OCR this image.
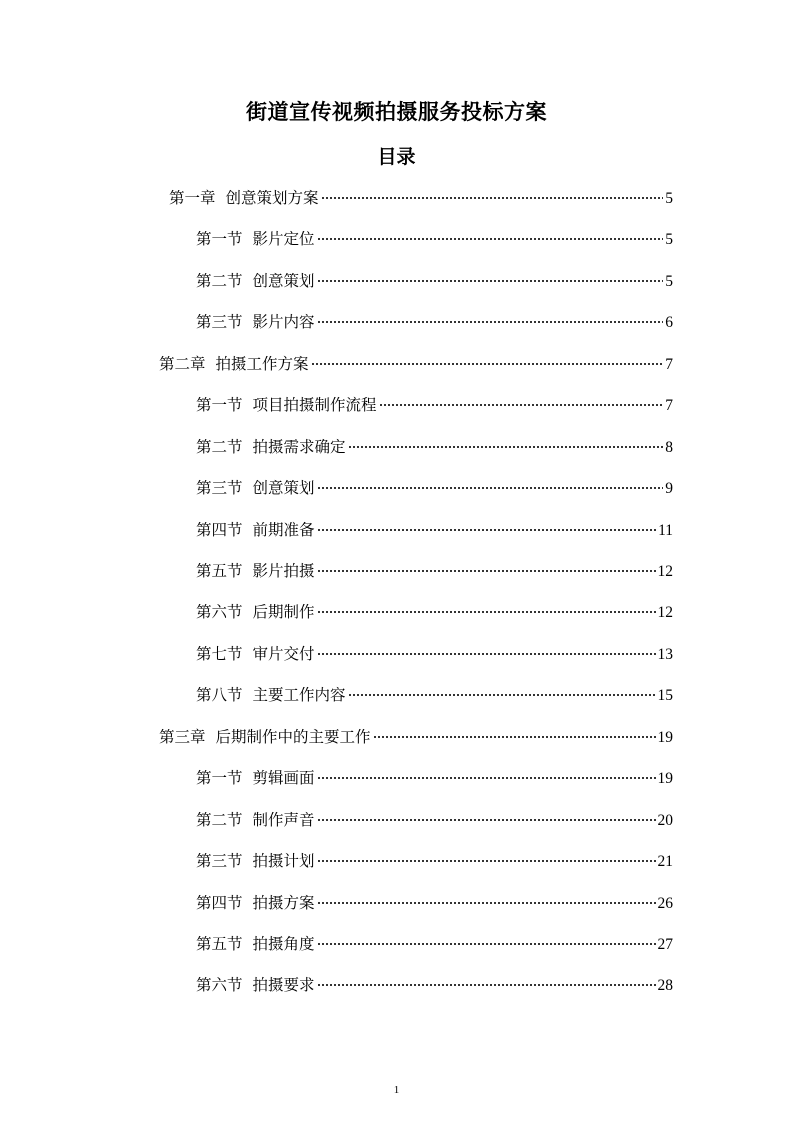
街道宣传视频拍摄服务投标方案
目录
第一章 创意策划方案	5
第一节 影片定位	5
第二节 创意策划	5
第三节 影片内容	6
第二章 拍摄工作方案	7
第一节 项目拍摄制作流程	7
第二节 拍摄需求确定	8
第三节 创意策划	9
第四节 前期准备	11
第五节 影片拍摄	12
第六节 后期制作	12
第七节 审片交付	13
第八节 主要工作内容	15
第三章 后期制作中的主要工作	19
第一节 剪辑画面	19
第二节 制作声音	20
第三节 拍摄计划	21
第四节 拍摄方案	26
第五节 拍摄角度	27
第六节 拍摄要求	28
1
